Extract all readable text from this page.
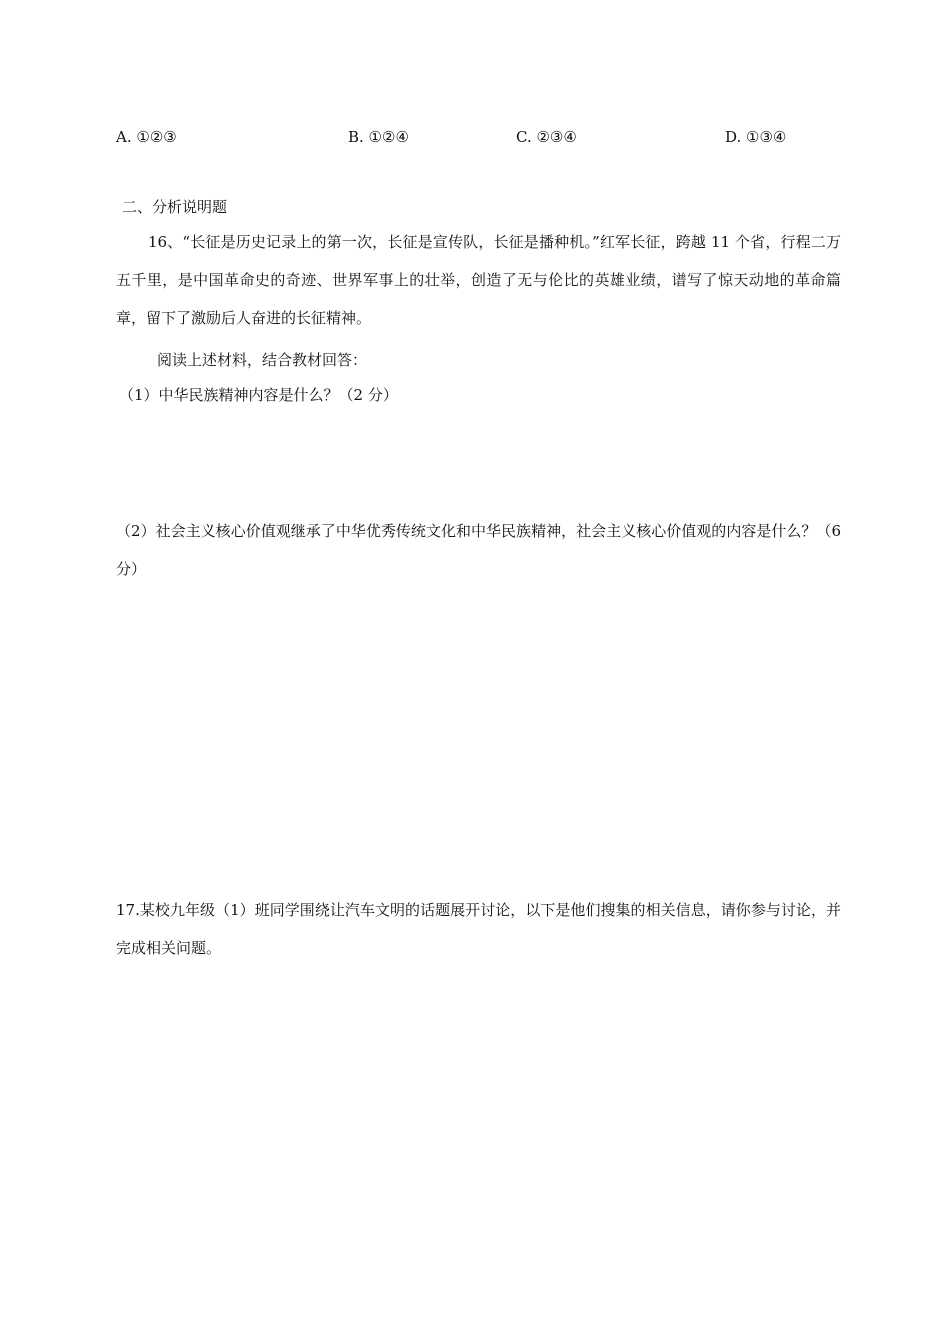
A. ①②③	B. ①②④	C. ②③④	D. ①③④
二、分析说明题
16、“长征是历史记录上的第一次，长征是宣传队，长征是播种机。”红军长征，跨越 11 个省，行程二万五千里，是中国革命史的奇迹、世界军事上的壮举，创造了无与伦比的英雄业绩，谱写了惊天动地的革命篇章，留下了激励后人奋进的长征精神。
阅读上述材料，结合教材回答：
（1）中华民族精神内容是什么？（2 分）
（2）社会主义核心价值观继承了中华优秀传统文化和中华民族精神，社会主义核心价值观的内容是什么？（6 分）
17.某校九年级（1）班同学围绕让汽车文明的话题展开讨论，以下是他们搜集的相关信息，请你参与讨论，并完成相关问题。
